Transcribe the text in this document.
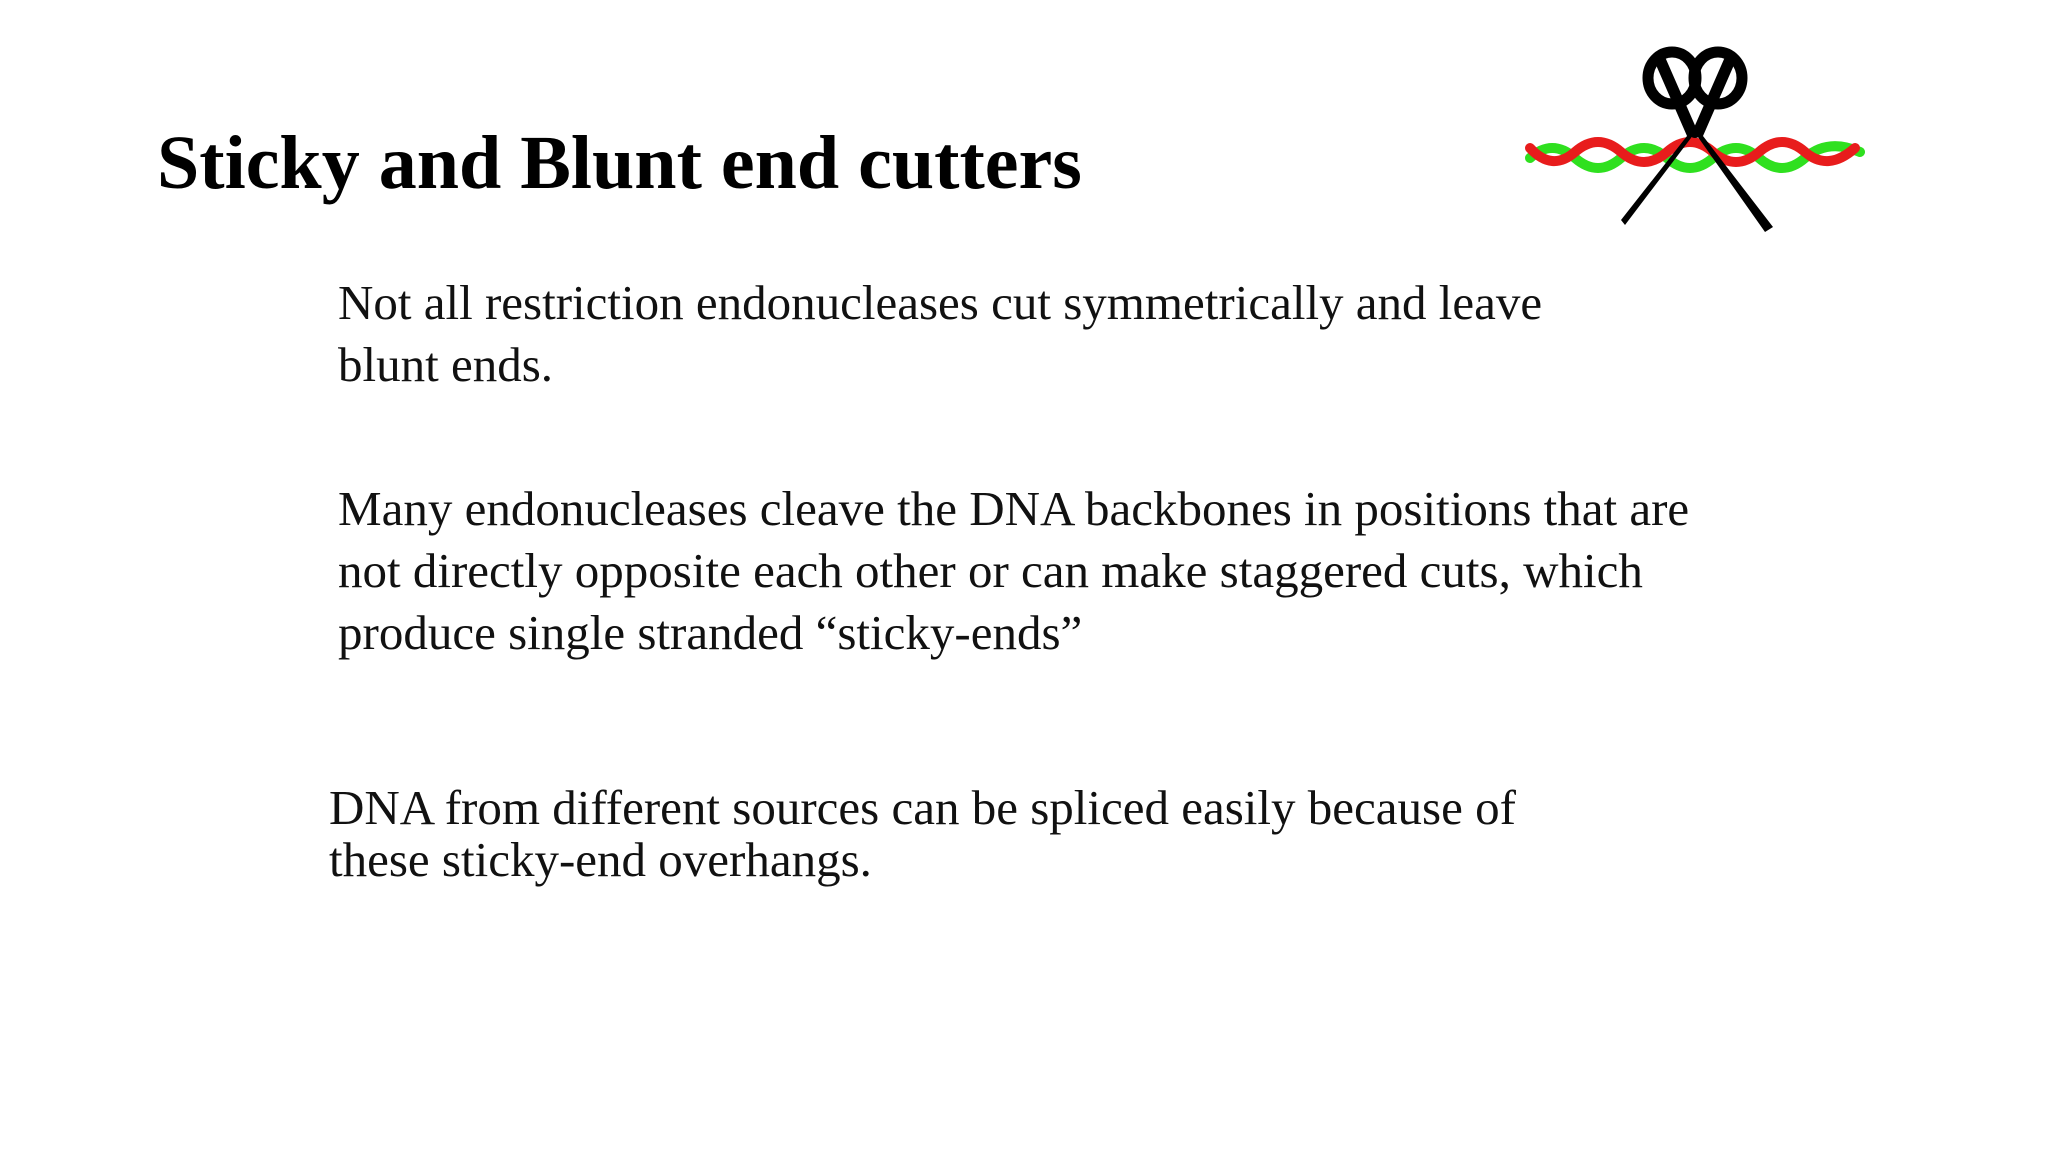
Sticky and Blunt end cutters

Not all restriction endonucleases cut symmetrically and leave
blunt ends.

Many endonucleases cleave the DNA backbones in positions that are
not directly opposite each other or can make staggered cuts, which
produce single stranded “sticky-ends”

DNA from different sources can be spliced easily because of
these sticky-end overhangs.
